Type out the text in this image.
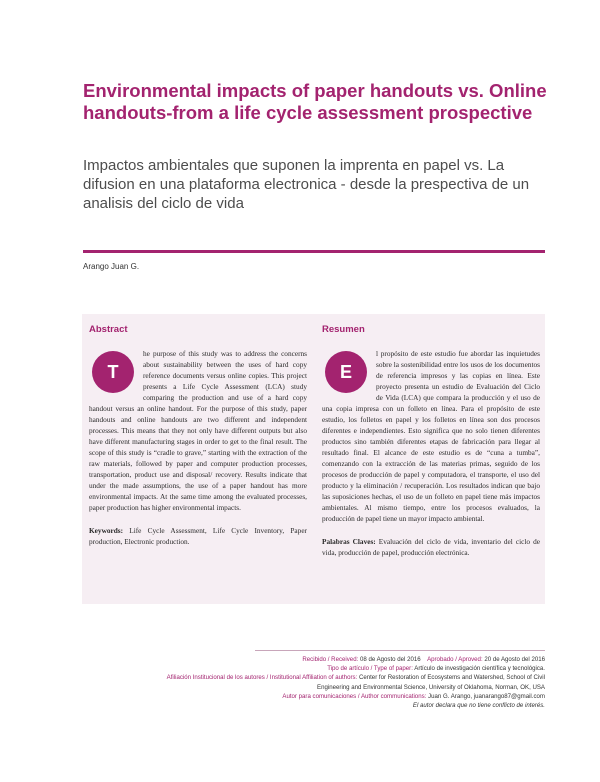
Environmental impacts of paper handouts vs. Online handouts-from a life cycle assessment prospective
Impactos ambientales que suponen la imprenta en papel vs. La difusion en una plataforma electronica - desde la prespectiva de un analisis del ciclo de vida
Arango Juan G.
Abstract
T
he purpose of this study was to address the concerns about sustainability between the uses of hard copy reference documents versus online copies. This project presents a Life Cycle Assessment (LCA) study comparing the production and use of a hard copy handout versus an online handout. For the purpose of this study, paper handouts and online handouts are two different and independent processes. This means that they not only have different outputs but also have different manufacturing stages in order to get to the final result. The scope of this study is “cradle to grave,” starting with the extraction of the raw materials, followed by paper and computer production processes, transportation, product use and disposal/ recovery. Results indicate that under the made assumptions, the use of a paper handout has more environmental impacts. At the same time among the evaluated processes, paper production has higher environmental impacts.
Keywords: Life Cycle Assessment, Life Cycle Inventory, Paper production, Electronic production.
Resumen
E
l propósito de este estudio fue abordar las inquietudes sobre la sostenibilidad entre los usos de los documentos de referencia impresos y las copias en línea. Este proyecto presenta un estudio de Evaluación del Ciclo de Vida (LCA) que compara la producción y el uso de una copia impresa con un folleto en línea. Para el propósito de este estudio, los folletos en papel y los folletos en línea son dos procesos diferentes e independientes. Esto significa que no solo tienen diferentes productos sino también diferentes etapas de fabricación para llegar al resultado final. El alcance de este estudio es de “cuna a tumba”, comenzando con la extracción de las materias primas, seguido de los procesos de producción de papel y computadora, el transporte, el uso del producto y la eliminación / recuperación. Los resultados indican que bajo las suposiciones hechas, el uso de un folleto en papel tiene más impactos ambientales. Al mismo tiempo, entre los procesos evaluados, la producción de papel tiene un mayor impacto ambiental.
Palabras Claves: Evaluación del ciclo de vida, inventario del ciclo de vida, producción de papel, producción electrónica.
Recibido / Received: 08 de Agosto del 2016 Aprobado / Aproved: 20 de Agosto del 2016
Tipo de artículo / Type of paper: Artículo de investigación científica y tecnológica.
Afiliación Institucional de los autores / Institutional Affiliation of authors: Center for Restoration of Ecosystems and Watershed, School of Civil
Engineering and Environmental Science, University of Oklahoma, Norman, OK, USA
Autor para comunicaciones / Author communications: Juan G. Arango, juanarango87@gmail.com
El autor declara que no tiene conflicto de interés.
